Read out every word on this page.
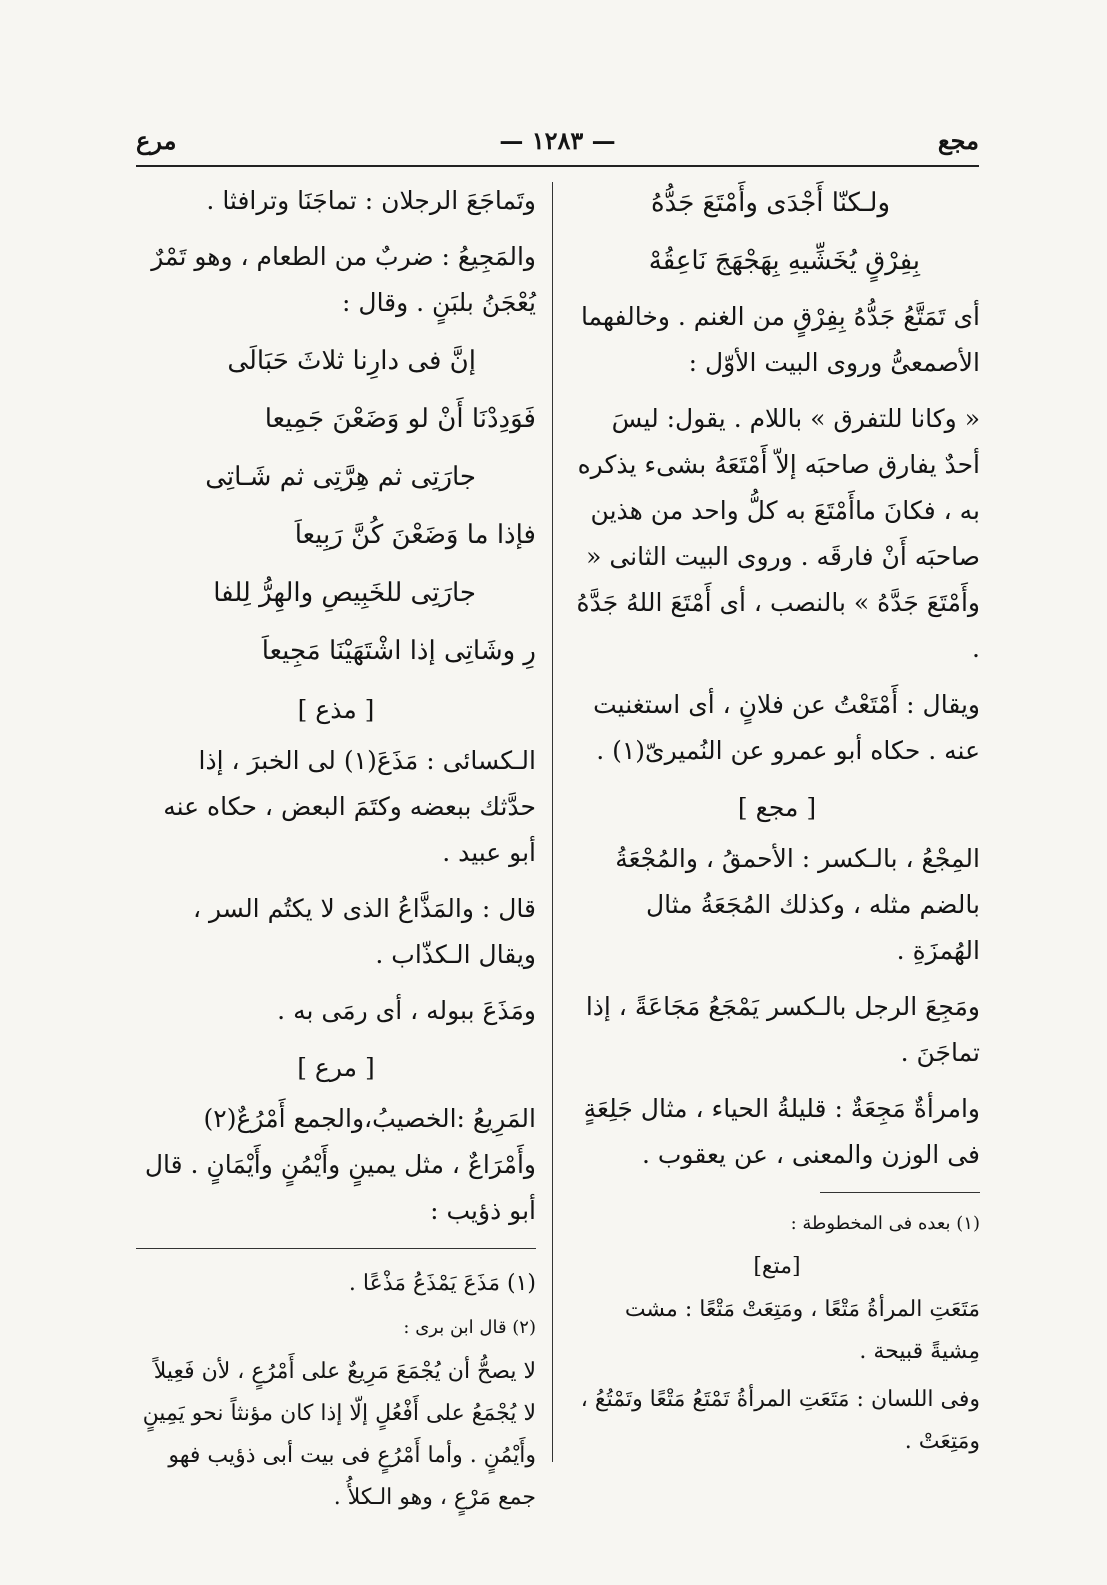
مجع
— ١٢٨٣ —
مرع
ولـكنّا أَجْدَى وأَمْتَعَ جَدُّهُ
بِفِرْقٍ يُخَشِّيهِ بِهَجْهَجَ نَاعِقُهْ
أى تَمَتَّعُ جَدُّهُ بِفِرْقٍ من الغنم . وخالفهما الأصمعىُّ وروى البيت الأوّل :
« وكانا للتفرق » باللام . يقول: ليسَ أحدٌ يفارق صاحبَه إلاّ أَمْتَعَهُ بشىء يذكره به ، فكانَ ماأَمْتَعَ به كلُّ واحد من هذين صاحبَه أَنْ فارقَه . وروى البيت الثانى « وأَمْتَعَ جَدَّهُ » بالنصب ، أى أَمْتَعَ اللهُ جَدَّهُ .
ويقال : أَمْتَعْتُ عن فلانٍ ، أى استغنيت عنه . حكاه أبو عمرو عن النُميرىّ(١) .
[ مجع ]
المِجْعُ ، بالـكسر : الأحمقُ ، والمُجْعَةُ بالضم مثله ، وكذلك المُجَعَةُ مثال الهُمزَةِ .
ومَجِعَ الرجل بالـكسر يَمْجَعُ مَجَاعَةً ، إذا تماجَنَ .
وامرأةٌ مَجِعَةٌ : قليلةُ الحياء ، مثال جَلِعَةٍ فى الوزن والمعنى ، عن يعقوب .
(١) بعده فى المخطوطة :
[متع]
مَتَعَتِ المرأةُ مَتْعًا ، ومَتِعَتْ مَتْعًا : مشت مِشيةً قبيحة .
وفى اللسان : مَتَعَتِ المرأةُ تَمْتَعُ مَتْعًا وتَمْتُعُ ، ومَتِعَتْ .
وتَماجَعَ الرجلان : تماجَنَا وترافثا .
والمَجِيعُ : ضربٌ من الطعام ، وهو تَمْرٌ يُعْجَنُ بلبَنٍ . وقال :
إنَّ فى دارِنا ثلاثَ حَبَالَى
فَوَدِدْنَا أَنْ لو وَضَعْنَ جَمِيعا
جارَتِى ثم هِرَّتِى ثم شَـاتِى
فإذا ما وَضَعْنَ كُنَّ رَبِيعاَ
جارَتِى للخَبِيصِ والهِرُّ لِلفا
رِ وشَاتِى إذا اشْتَهَيْنَا مَجِيعاَ
[ مذع ]
الـكسائى : مَذَعَ(١) لى الخبرَ ، إذا حدَّثك ببعضه وكتَمَ البعض ، حكاه عنه أبو عبيد .
قال : والمَذَّاعُ الذى لا يكتُم السر ، ويقال الـكذّاب .
ومَذَعَ ببوله ، أى رمَى به .
[ مرع ]
المَرِيعُ :الخصيبُ،والجمع أَمْرُعٌ(٢) وأَمْرَاعٌ ، مثل يمينٍ وأَيْمُنٍ وأَيْمَانٍ . قال أبو ذؤيب :
(١) مَذَعَ يَمْذَعُ مَذْعًا .
(٢) قال ابن برى :
لا يصحُّ أن يُجْمَعَ مَرِيعٌ على أَمْرُعٍ ، لأن فَعِيلاً لا يُجْمَعُ على أَفْعُلٍ إلّا إذا كان مؤنثاً نحو يَمِينٍ وأَيْمُنٍ . وأما أَمْرُعٍ فى بيت أبى ذؤيب فهو جمع مَرْعٍ ، وهو الـكلأُ .
